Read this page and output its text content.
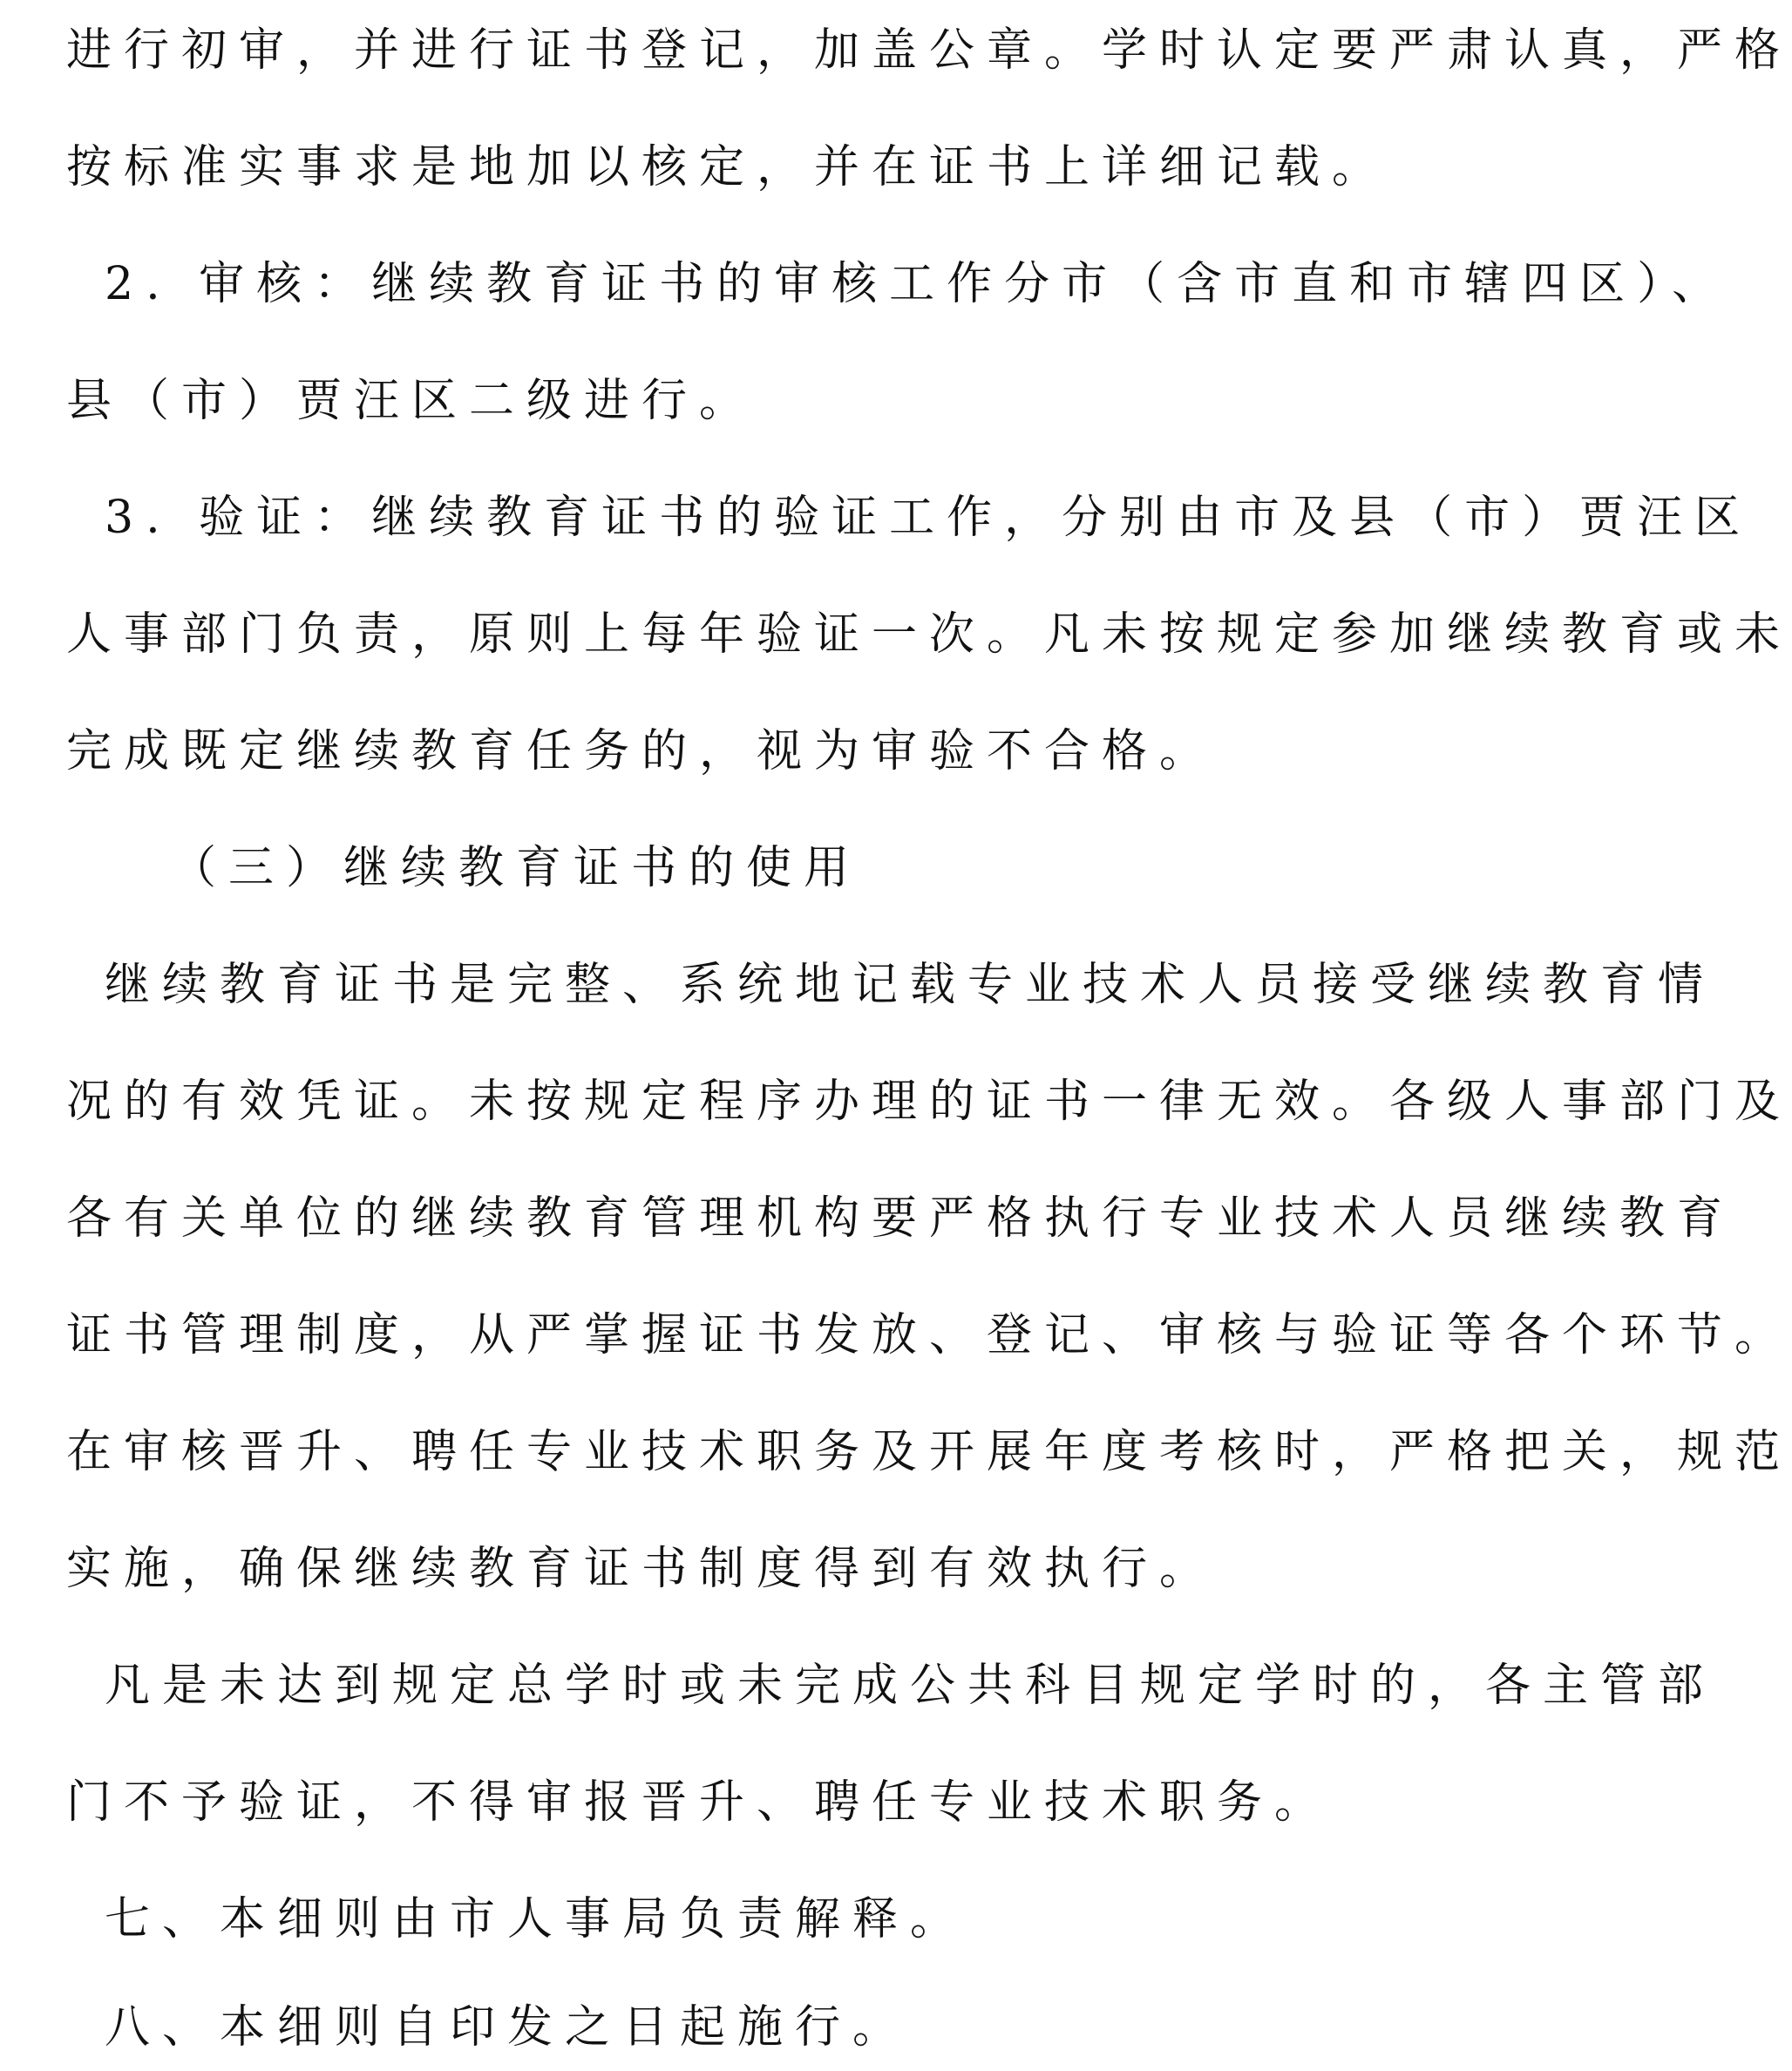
进行初审，并进行证书登记，加盖公章。学时认定要严肃认真，严格
按标准实事求是地加以核定，并在证书上详细记载。
2. 审核：继续教育证书的审核工作分市（含市直和市辖四区）、
县（市）贾汪区二级进行。
3. 验证：继续教育证书的验证工作，分别由市及县（市）贾汪区
人事部门负责，原则上每年验证一次。凡未按规定参加继续教育或未
完成既定继续教育任务的，视为审验不合格。
（三）继续教育证书的使用
继续教育证书是完整、系统地记载专业技术人员接受继续教育情
况的有效凭证。未按规定程序办理的证书一律无效。各级人事部门及
各有关单位的继续教育管理机构要严格执行专业技术人员继续教育
证书管理制度，从严掌握证书发放、登记、审核与验证等各个环节。
在审核晋升、聘任专业技术职务及开展年度考核时，严格把关，规范
实施，确保继续教育证书制度得到有效执行。
凡是未达到规定总学时或未完成公共科目规定学时的，各主管部
门不予验证，不得审报晋升、聘任专业技术职务。
七、本细则由市人事局负责解释。
八、本细则自印发之日起施行。
